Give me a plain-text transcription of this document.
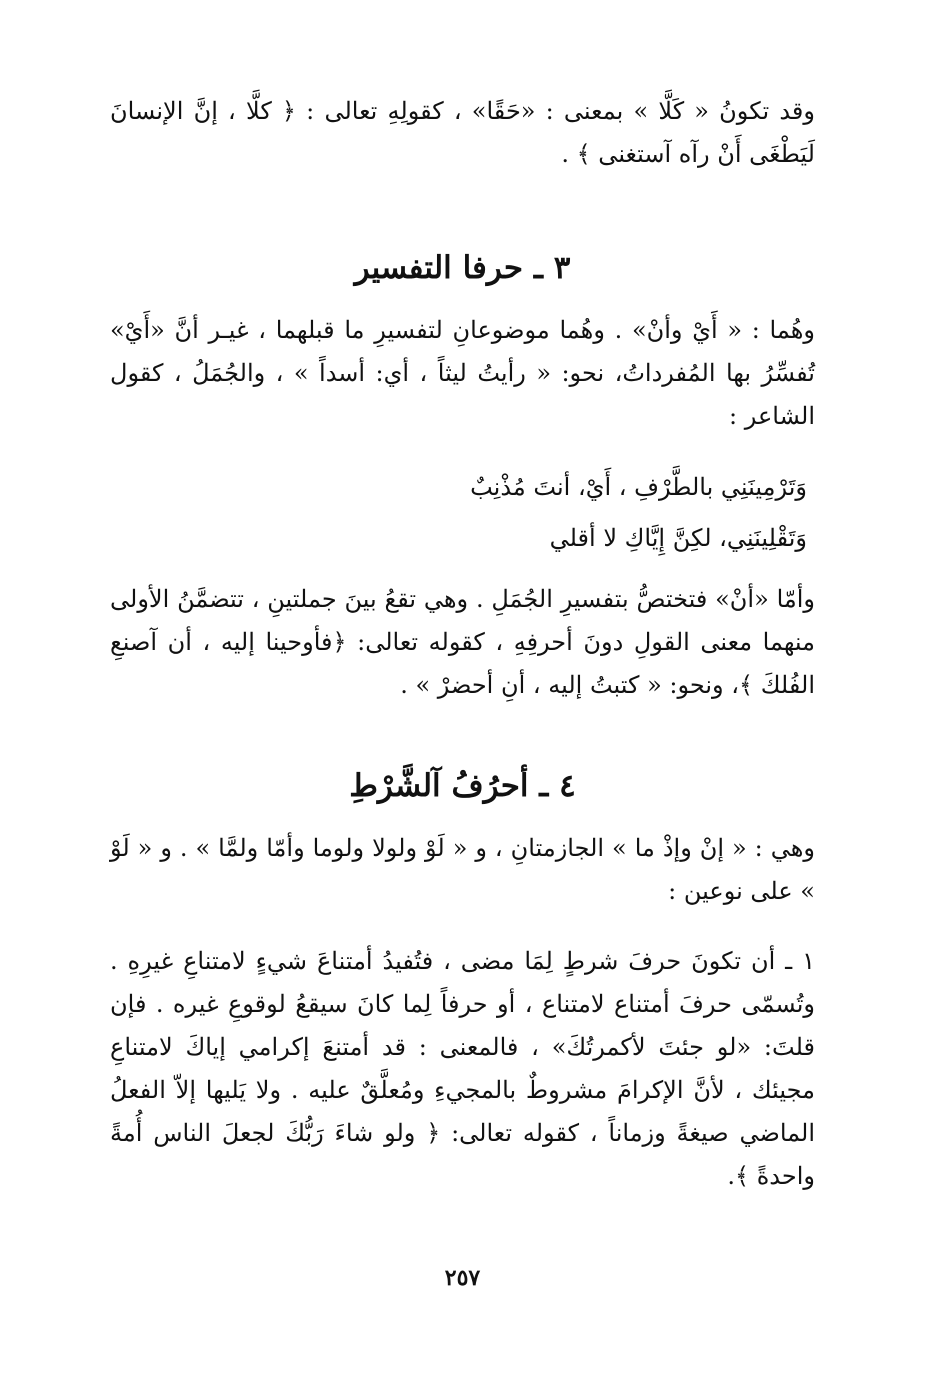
وقد تكونُ « كَلَّا » بمعنى : «حَقًا» ، كقولِهِ تعالى : ﴿ كلَّا ، إنَّ الإنسانَ لَيَطْغَى أَنْ رآه آستغنى ﴾ .

٣ ـ حرفا التفسير

وهُما : « أَيْ وأنْ» . وهُما موضوعانِ لتفسيرِ ما قبلهما ، غيـر أنَّ «أَيْ» تُفسِّرُ بها المُفرداتُ، نحو: « رأيتُ ليثاً ، أي: أسداً » ، والجُمَلُ ، كقول الشاعر :

وَتَرْمِينَنِي بالطَّرْفِ ، أَيْ، أنتَ مُذْنِبٌ

وَتَقْلِينَنِي، لكِنَّ إِيَّاكِ لا أقلي

وأمّا «أنْ» فتختصُّ بتفسيرِ الجُمَلِ . وهي تقعُ بينَ جملتينِ ، تتضمَّنُ الأولى منهما معنى القولِ دونَ أحرفِهِ ، كقوله تعالى: ﴿فأوحينا إليه ، أن آصنعِ الفُلكَ ﴾، ونحو: « كتبتُ إليه ، أنِ أحضرْ » .

٤ ـ أحرُفُ آلشَّرْطِ

وهي : « إنْ وإذْ ما » الجازمتانِ ، و « لَوْ ولولا ولوما وأمّا ولمَّا » . و « لَوْ » على نوعين :

١ ـ أن تكونَ حرفَ شرطٍ لِمَا مضى ، فتُفيدُ أمتناعَ شيءٍ لامتناعِ غيرِهِ . وتُسمّى حرفَ أمتناع لامتناع ، أو حرفاً لِما كانَ سيقعُ لوقوعِ غيره . فإن قلتَ: «لو جئتَ لأكمرتُكَ» ، فالمعنى : قد أمتنعَ إكرامي إياكَ لامتناعِ مجيئك ، لأنَّ الإكرامَ مشروطٌ بالمجيءِ ومُعلَّقٌ عليه . ولا يَليها إلاّ الفعلُ الماضي صيغةً وزماناً ، كقوله تعالى: ﴿ ولو شاءَ رَبُّكَ لجعلَ الناس أُمةً واحدةً ﴾.

٢٥٧
